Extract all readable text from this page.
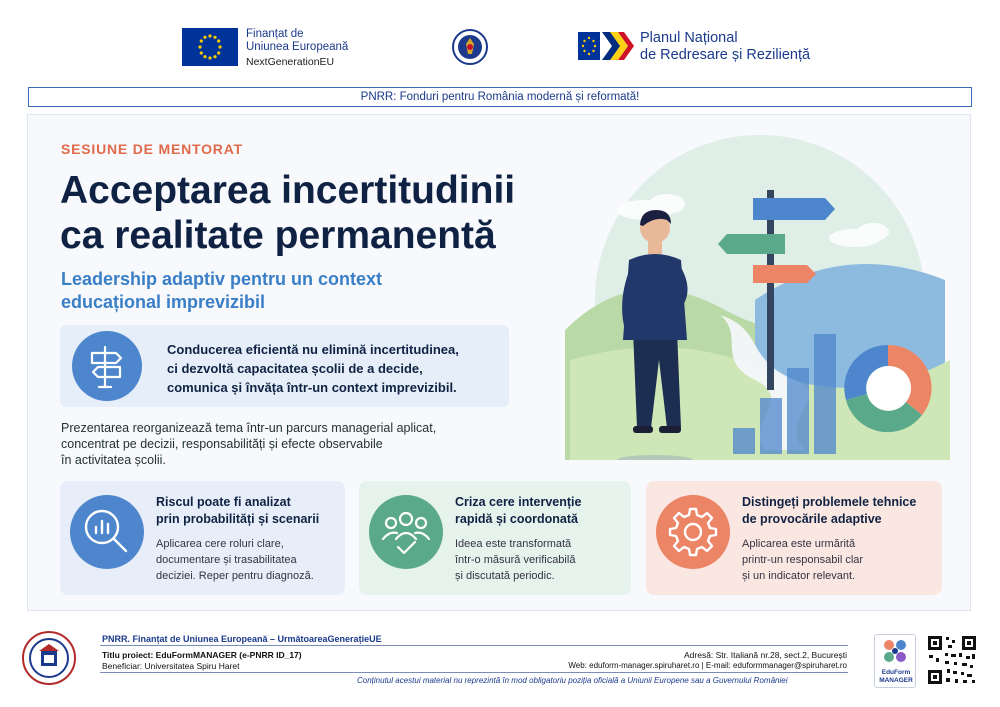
Finanțat de
Uniunea Europeană
NextGenerationEU
Planul Național
de Redresare și Reziliență
PNRR: Fonduri pentru România modernă și reformată!
SESIUNE DE MENTORAT
Acceptarea incertitudinii
ca realitate permanentă
Leadership adaptiv pentru un context
educațional imprevizibil
Conducerea eficientă nu elimină incertitudinea,
ci dezvoltă capacitatea școlii de a decide,
comunica și învăța într-un context imprevizibil.
Prezentarea reorganizează tema într-un parcurs managerial aplicat,
concentrat pe decizii, responsabilități și efecte observabile
în activitatea școlii.
Riscul poate fi analizat
prin probabilități și scenarii
Aplicarea cere roluri clare,
documentare și trasabilitatea
deciziei. Reper pentru diagnoză.
Criza cere intervenție
rapidă și coordonată
Ideea este transformată
într-o măsură verificabilă
și discutată periodic.
Distingeți problemele tehnice
de provocările adaptive
Aplicarea este urmărită
printr-un responsabil clar
și un indicator relevant.
PNRR. Finanțat de Uniunea Europeană – UrmătoareaGenerațieUE
Titlu proiect: EduFormMANAGER (e-PNRR ID_17)
Beneficiar: Universitatea Spiru Haret
Adresă: Str. Italiană nr.28, sect.2, București
Web: eduform-manager.spiruharet.ro | E-mail: eduformmanager@spiruharet.ro
Conținutul acestui material nu reprezintă în mod obligatoriu poziția oficială a Uniunii Europene sau a Guvernului României
EduForm
MANAGER
